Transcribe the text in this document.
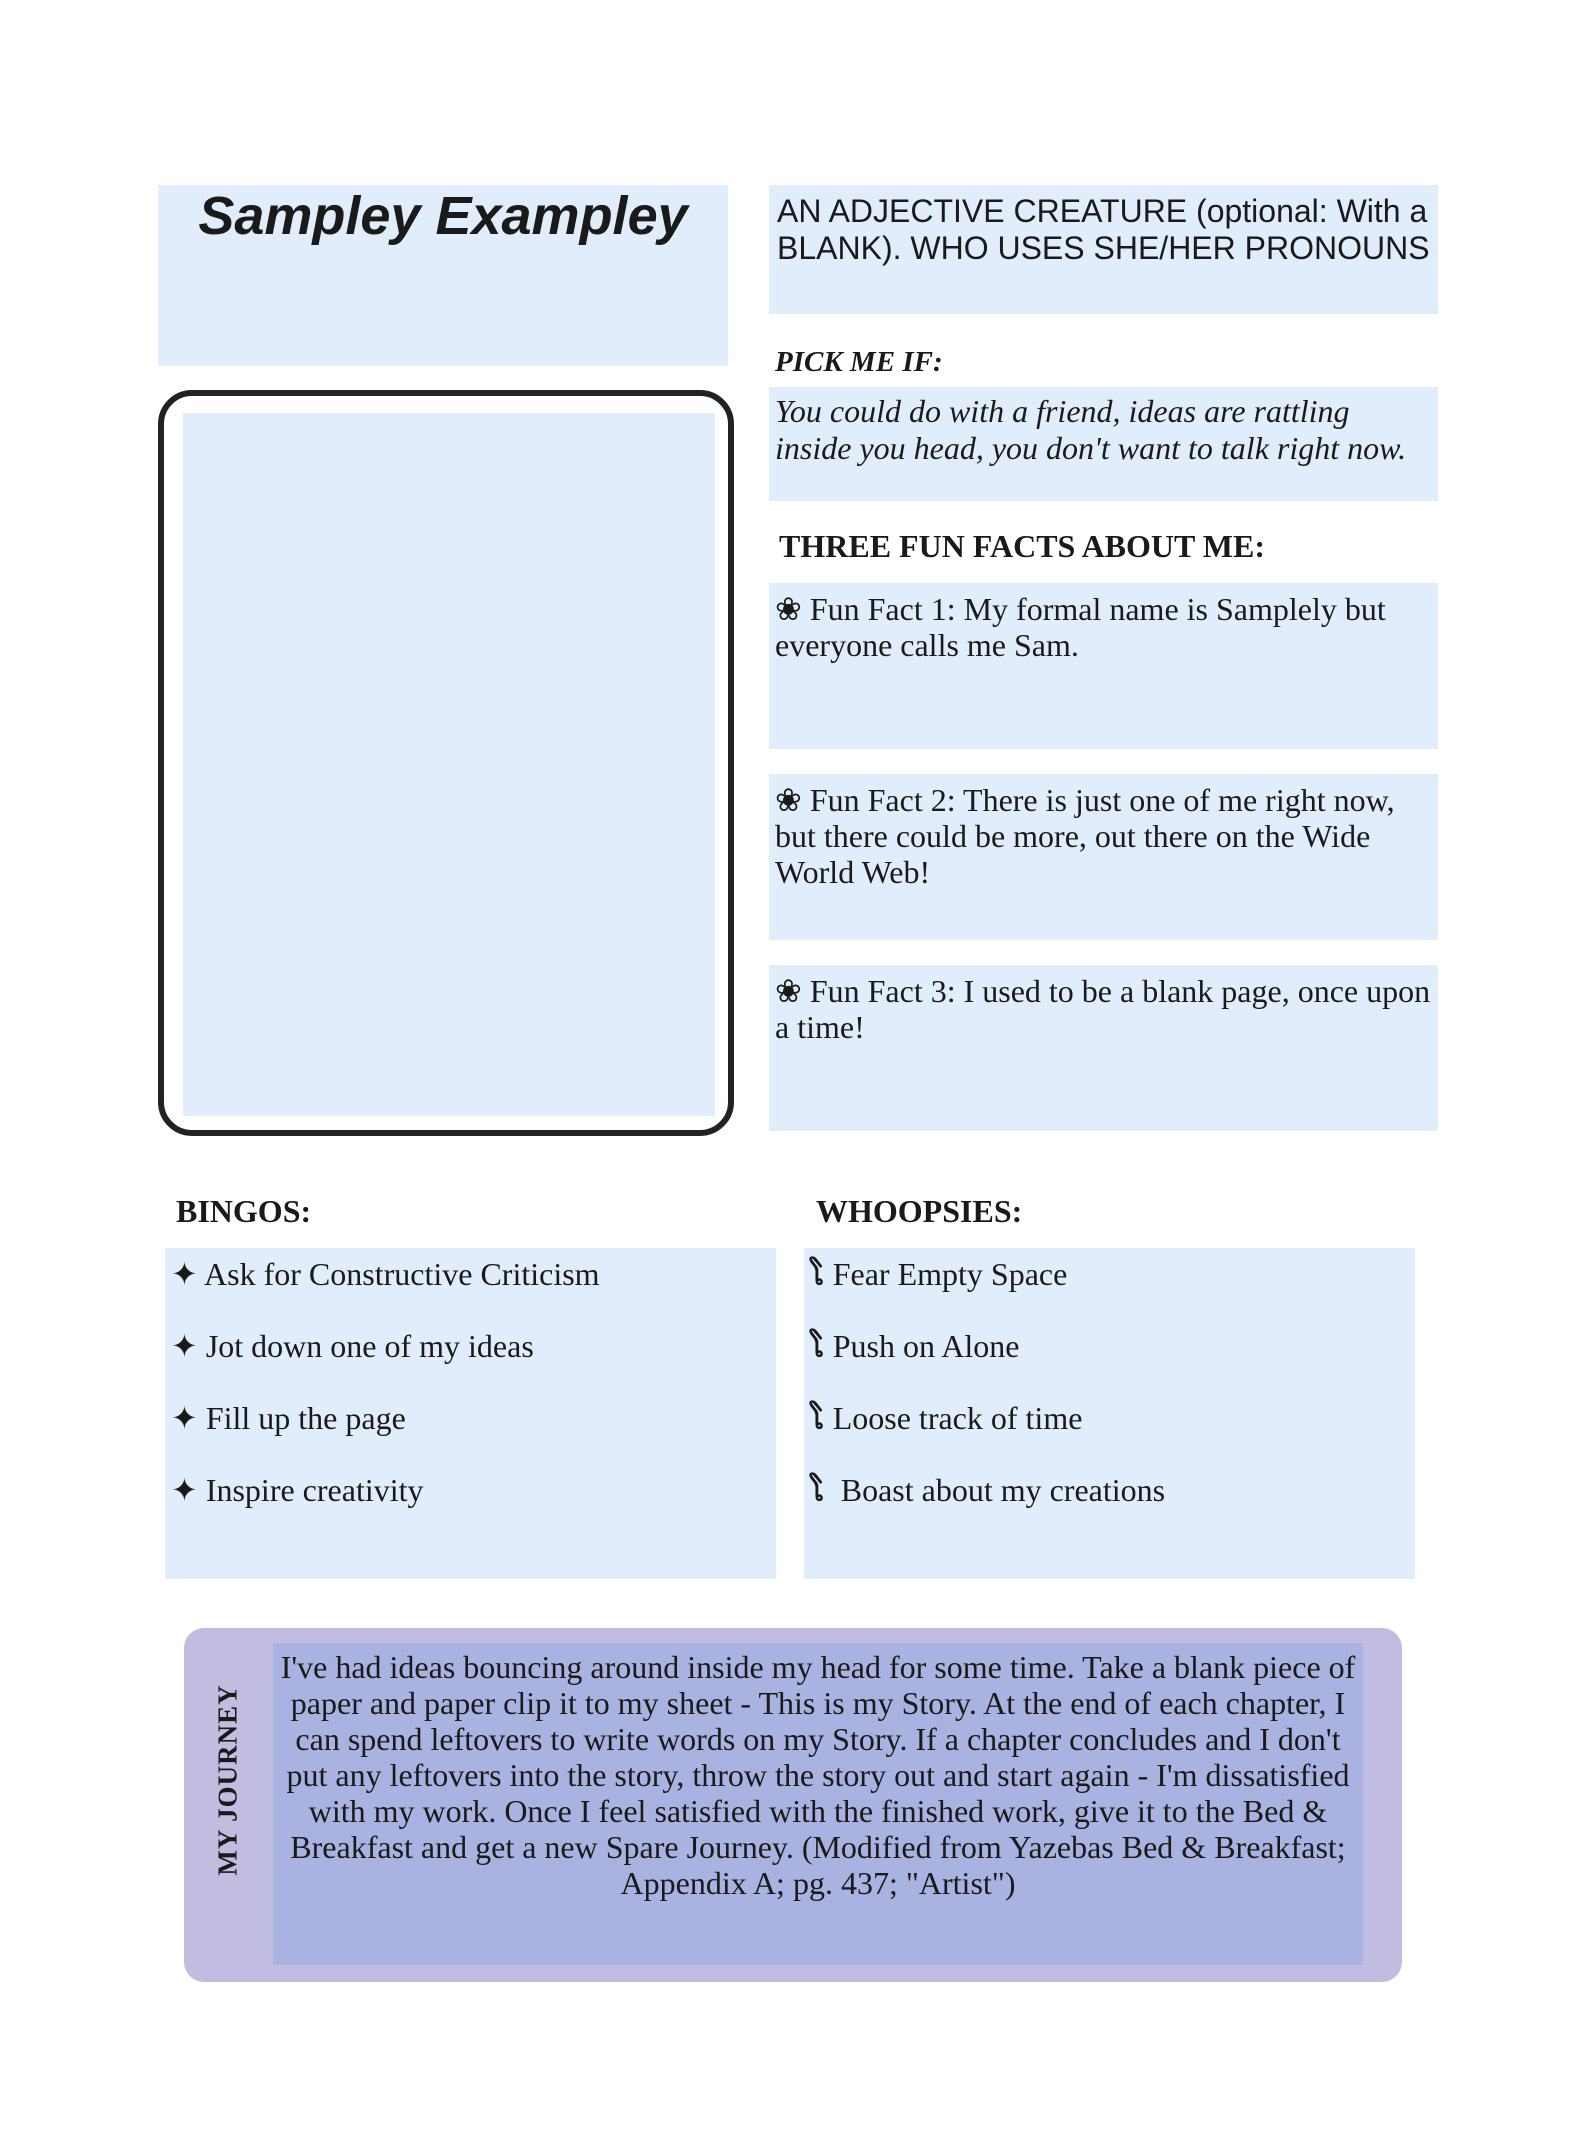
Sampley Exampley	AN ADJECTIVE CREATURE (optional: With a BLANK). WHO USES SHE/HER PRONOUNS
PICK ME IF:
You could do with a friend, ideas are rattling inside you head, you don't want to talk right now.
THREE FUN FACTS ABOUT ME:
❀ Fun Fact 1: My formal name is Samplely but everyone calls me Sam.
❀ Fun Fact 2: There is just one of me right now, but there could be more, out there on the Wide World Web!
❀ Fun Fact 3: I used to be a blank page, once upon a time!
BINGOS:
✦ Ask for Constructive Criticism
✦ Jot down one of my ideas
✦ Fill up the page
✦ Inspire creativity
WHOOPSIES:
ໂ Fear Empty Space
ໂ Push on Alone
ໂ Loose track of time
ໂ  Boast about my creations
MY JOURNEY
I've had ideas bouncing around inside my head for some time. Take a blank piece of paper and paper clip it to my sheet - This is my Story. At the end of each chapter, I can spend leftovers to write words on my Story. If a chapter concludes and I don't put any leftovers into the story, throw the story out and start again - I'm dissatisfied with my work. Once I feel satisfied with the finished work, give it to the Bed & Breakfast and get a new Spare Journey. (Modified from Yazebas Bed & Breakfast; Appendix A; pg. 437; "Artist")
